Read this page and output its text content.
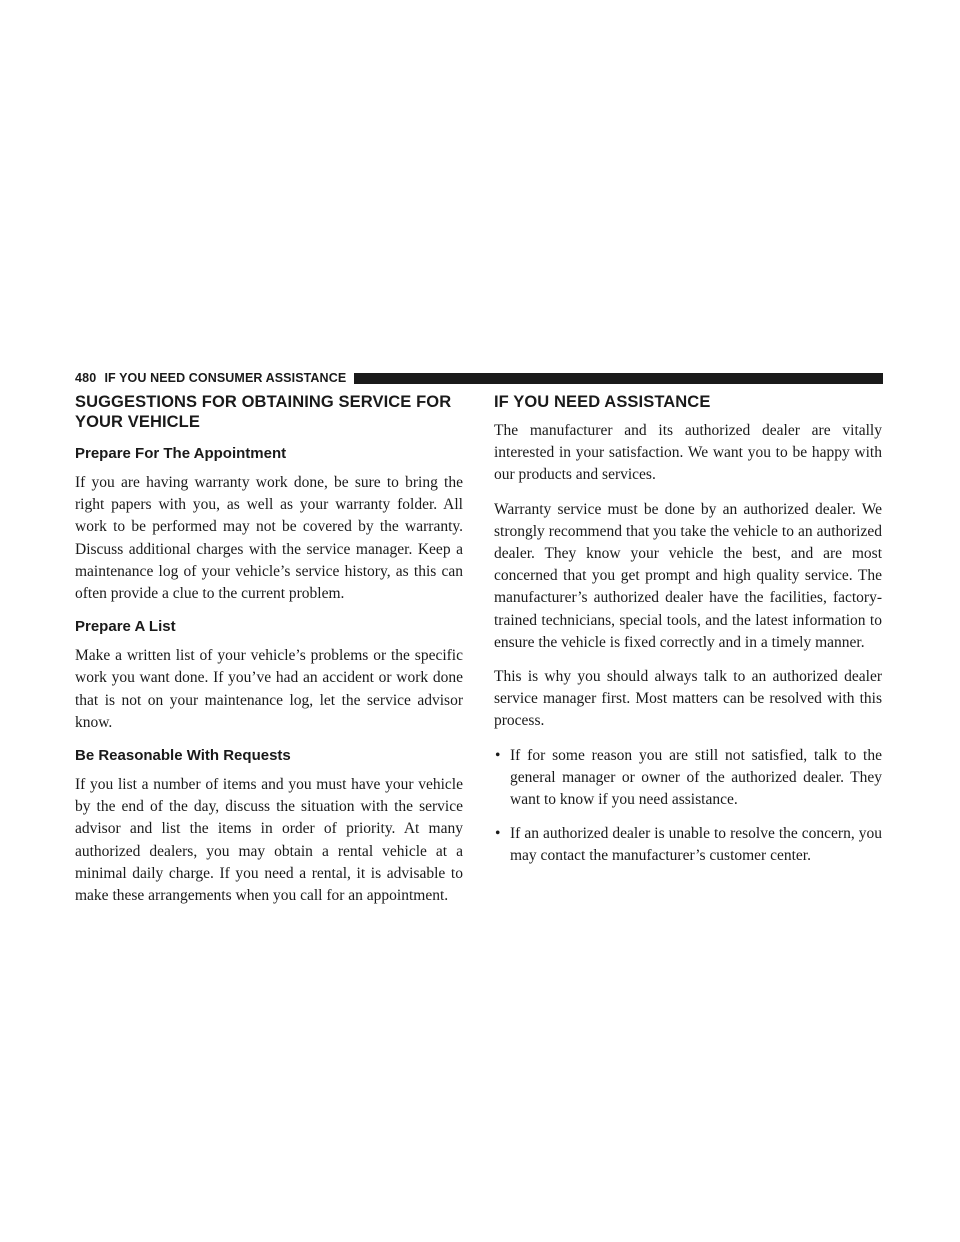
480 IF YOU NEED CONSUMER ASSISTANCE
SUGGESTIONS FOR OBTAINING SERVICE FOR YOUR VEHICLE
Prepare For The Appointment

If you are having warranty work done, be sure to bring the right papers with you, as well as your warranty folder. All work to be performed may not be covered by the warranty. Discuss additional charges with the service manager. Keep a maintenance log of your vehicle’s service history, as this can often provide a clue to the current problem.

Prepare A List

Make a written list of your vehicle’s problems or the specific work you want done. If you’ve had an accident or work done that is not on your maintenance log, let the service advisor know.

Be Reasonable With Requests

If you list a number of items and you must have your vehicle by the end of the day, discuss the situation with the service advisor and list the items in order of priority. At many authorized dealers, you may obtain a rental vehicle at a minimal daily charge. If you need a rental, it is advisable to make these arrangements when you call for an appointment.

IF YOU NEED ASSISTANCE

The manufacturer and its authorized dealer are vitally interested in your satisfaction. We want you to be happy with our products and services.

Warranty service must be done by an authorized dealer. We strongly recommend that you take the vehicle to an authorized dealer. They know your vehicle the best, and are most concerned that you get prompt and high quality service. The manufacturer’s authorized dealer have the facilities, factory-trained technicians, special tools, and the latest information to ensure the vehicle is fixed correctly and in a timely manner.

This is why you should always talk to an authorized dealer service manager first. Most matters can be resolved with this process.

• If for some reason you are still not satisfied, talk to the general manager or owner of the authorized dealer. They want to know if you need assistance.
• If an authorized dealer is unable to resolve the concern, you may contact the manufacturer’s customer center.
